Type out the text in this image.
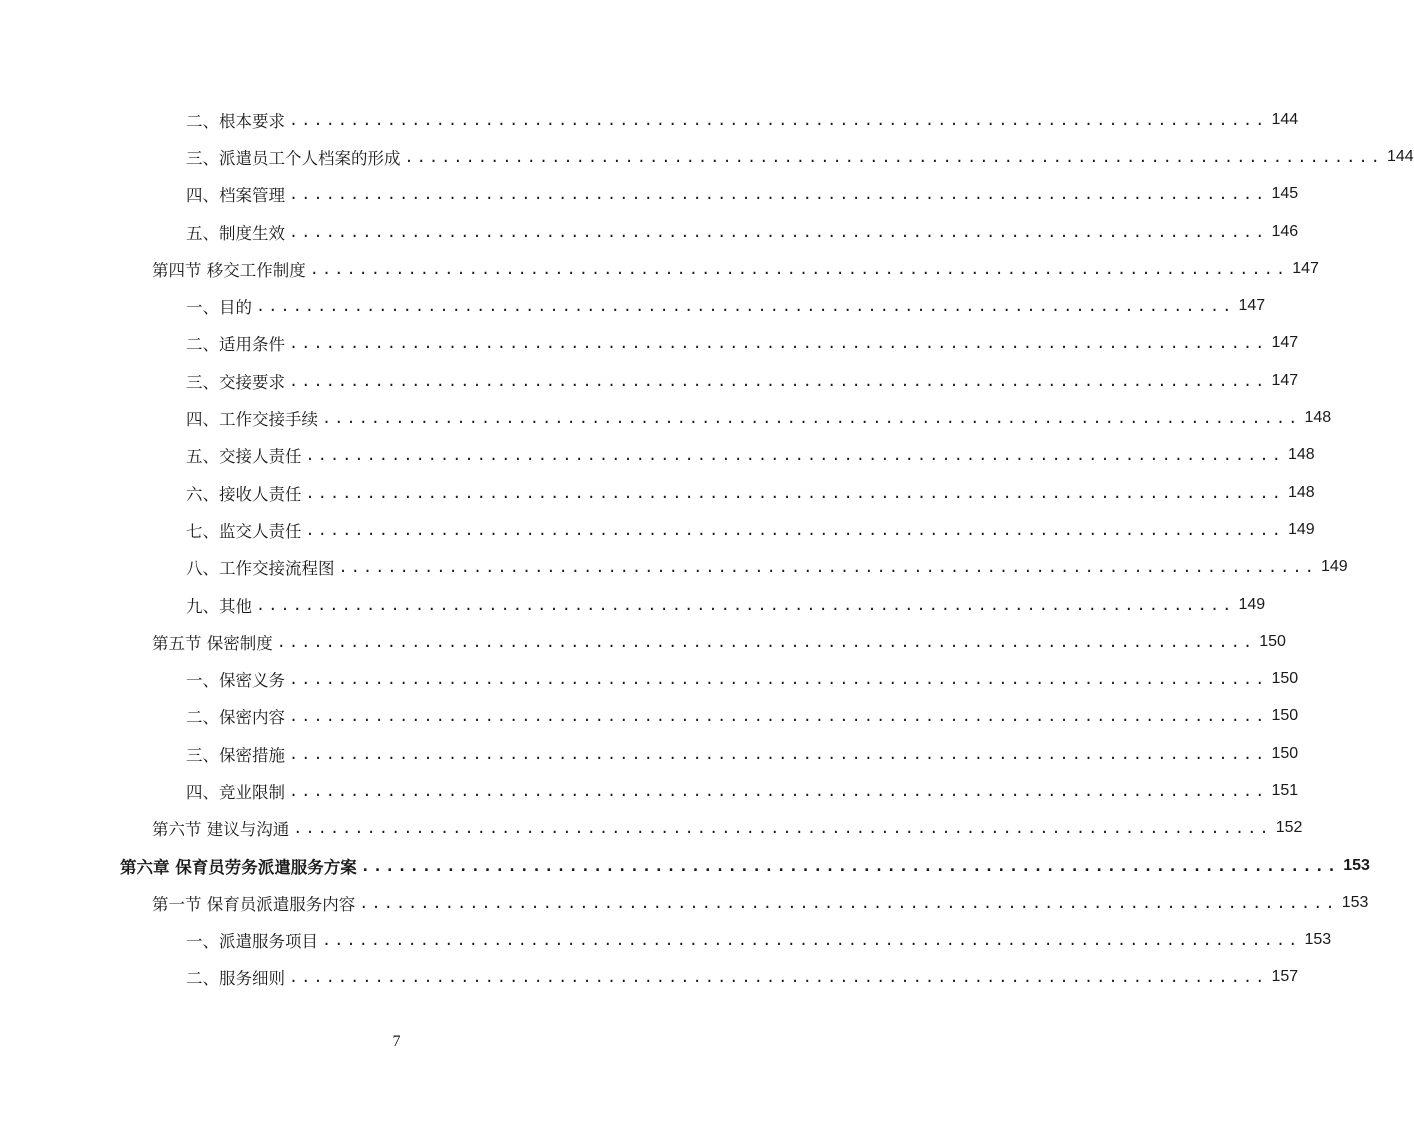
二、根本要求 ................................................................................ 144
三、派遣员工个人档案的形成 ................................................................................ 144
四、档案管理 ................................................................................ 145
五、制度生效 ................................................................................ 146
第四节 移交工作制度 ................................................................................ 147
一、目的 ................................................................................ 147
二、适用条件 ................................................................................ 147
三、交接要求 ................................................................................ 147
四、工作交接手续 ................................................................................ 148
五、交接人责任 ................................................................................ 148
六、接收人责任 ................................................................................ 148
七、监交人责任 ................................................................................ 149
八、工作交接流程图 ................................................................................ 149
九、其他 ................................................................................ 149
第五节 保密制度 ................................................................................ 150
一、保密义务 ................................................................................ 150
二、保密内容 ................................................................................ 150
三、保密措施 ................................................................................ 150
四、竞业限制 ................................................................................ 151
第六节 建议与沟通 ................................................................................ 152
第六章 保育员劳务派遣服务方案 ................................................................................ 153
第一节 保育员派遣服务内容 ................................................................................ 153
一、派遣服务项目 ................................................................................ 153
二、服务细则 ................................................................................ 157
7
